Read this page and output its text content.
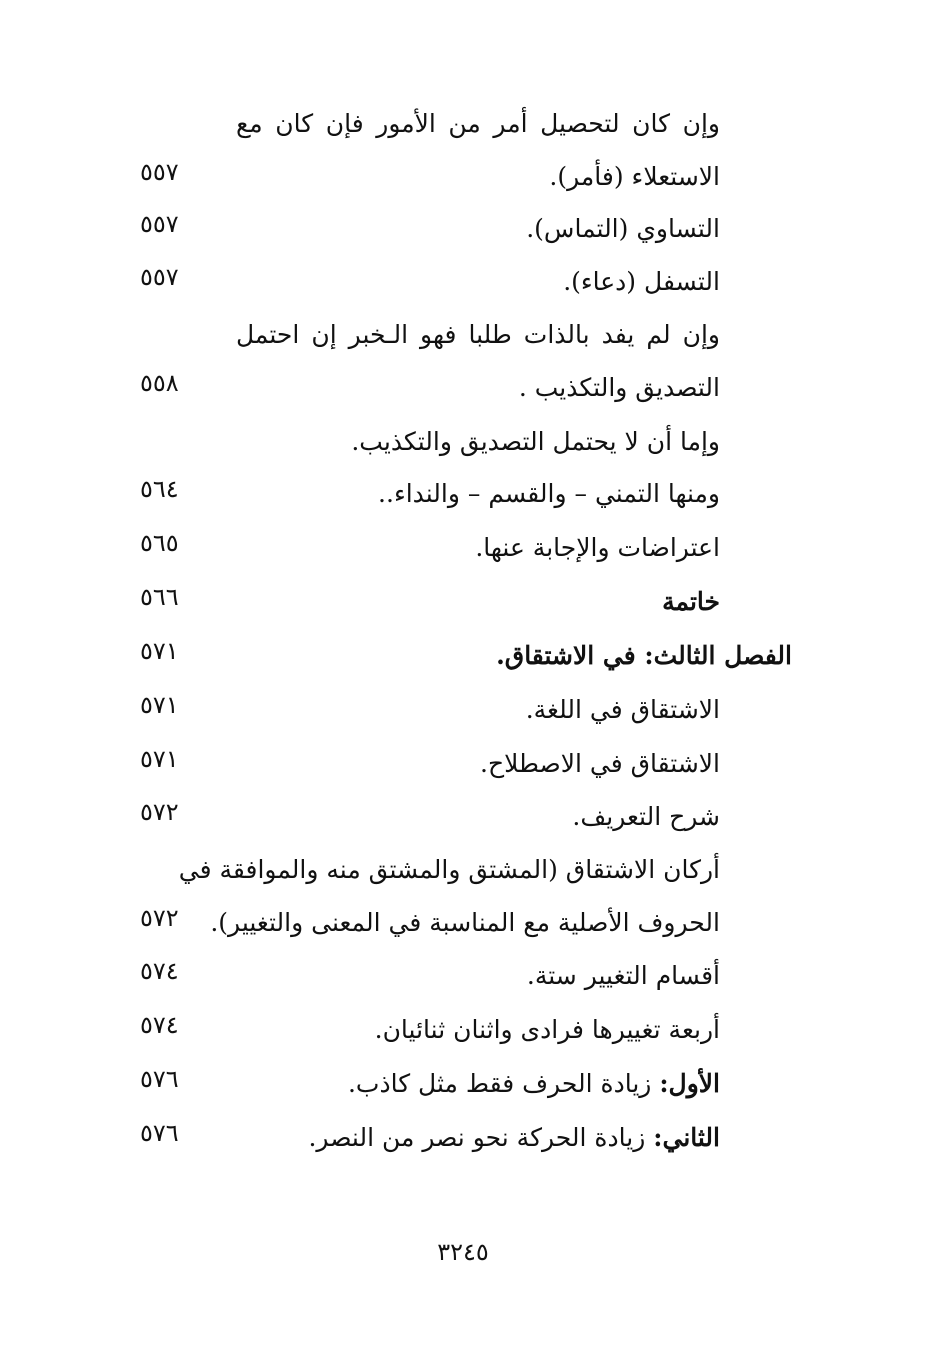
وإن كان لتحصيل أمر من الأمور فإن كان مع
الاستعلاء (فأمر).
٥٥٧
التساوي (التماس).
٥٥٧
التسفل (دعاء).
٥٥٧
وإن لم يفد بالذات طلبا فهو الـخبر إن احتمل
التصديق والتكذيب .
٥٥٨
وإما أن لا يحتمل التصديق والتكذيب.
ومنها التمني – والقسم – والنداء..
٥٦٤
اعتراضات والإجابة عنها.
٥٦٥
خاتمة
٥٦٦
الفصل الثالث: في الاشتقاق.
٥٧١
الاشتقاق في اللغة.
٥٧١
الاشتقاق في الاصطلاح.
٥٧١
شرح التعريف.
٥٧٢
أركان الاشتقاق (المشتق والمشتق منه والموافقة في
الحروف الأصلية مع المناسبة في المعنى والتغيير).
٥٧٢
أقسام التغيير ستة.
٥٧٤
أربعة تغييرها فرادى واثنان ثنائيان.
٥٧٤
الأول: زيادة الحرف فقط مثل كاذب.
٥٧٦
الثاني: زيادة الحركة نحو نصر من النصر.
٥٧٦
٣٢٤٥
